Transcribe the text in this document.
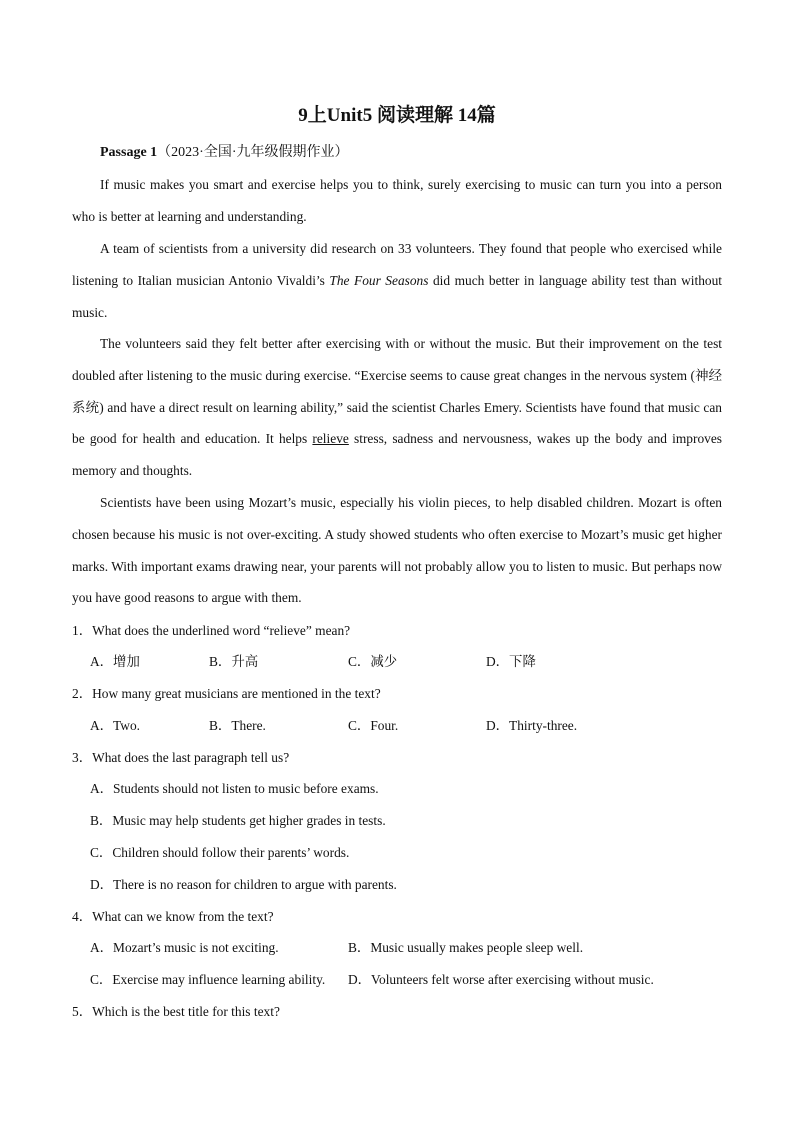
9上Unit5 阅读理解 14篇
Passage 1（2023·全国·九年级假期作业）

If music makes you smart and exercise helps you to think, surely exercising to music can turn you into a person who is better at learning and understanding.

A team of scientists from a university did research on 33 volunteers. They found that people who exercised while listening to Italian musician Antonio Vivaldi’s The Four Seasons did much better in language ability test than without music.

The volunteers said they felt better after exercising with or without the music. But their improvement on the test doubled after listening to the music during exercise. “Exercise seems to cause great changes in the nervous system (神经系统) and have a direct result on learning ability,” said the scientist Charles Emery. Scientists have found that music can be good for health and education. It helps relieve stress, sadness and nervousness, wakes up the body and improves memory and thoughts.

Scientists have been using Mozart’s music, especially his violin pieces, to help disabled children. Mozart is often chosen because his music is not over-exciting. A study showed students who often exercise to Mozart’s music get higher marks. With important exams drawing near, your parents will not probably allow you to listen to music. But perhaps now you have good reasons to argue with them.

1．What does the underlined word “relieve” mean?
A．增加	B．升高	C．减少	D．下降
2．How many great musicians are mentioned in the text?
A．Two.	B．There.	C．Four.	D．Thirty-three.
3．What does the last paragraph tell us?
A．Students should not listen to music before exams.
B．Music may help students get higher grades in tests.
C．Children should follow their parents’ words.
D．There is no reason for children to argue with parents.
4．What can we know from the text?
A．Mozart’s music is not exciting.	B．Music usually makes people sleep well.
C．Exercise may influence learning ability. D．Volunteers felt worse after exercising without music.
5．Which is the best title for this text?
